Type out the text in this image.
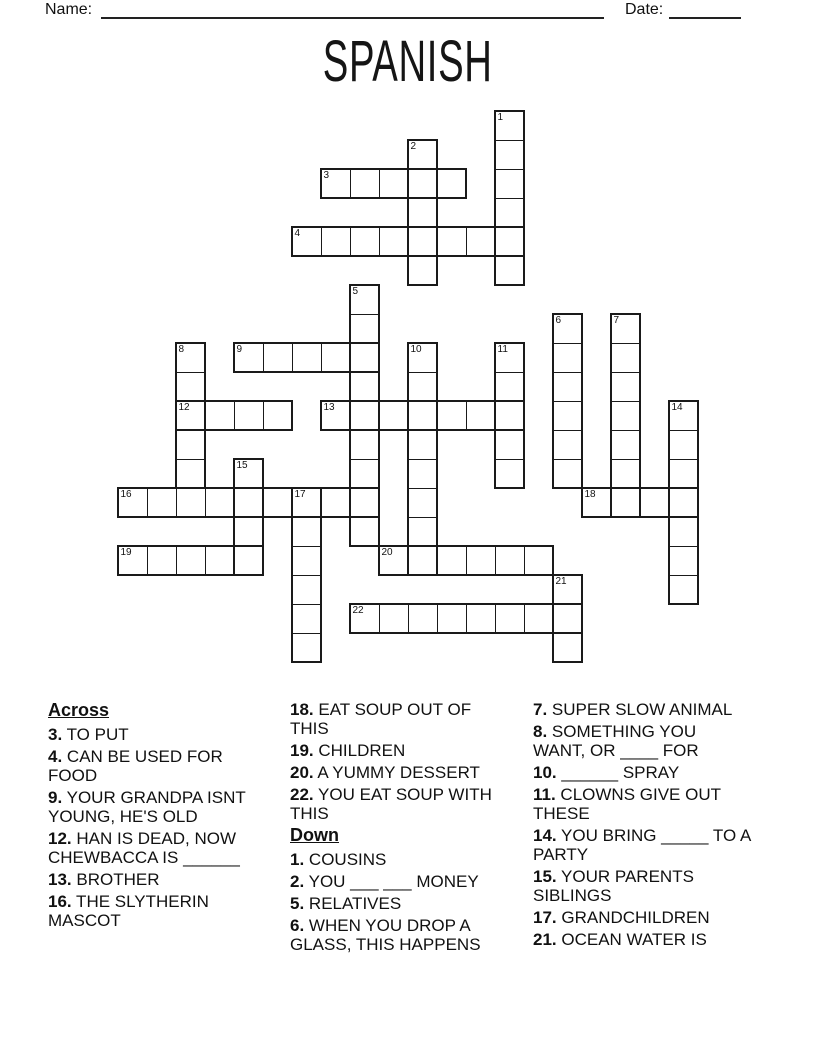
Name:	Date:
SPANISH
1
2
3
4
5
6	7
8	9	10	11
12	13	14
15
16	17	18
19	20
21
22
Across
3. TO PUT
4. CAN BE USED FOR FOOD
9. YOUR GRANDPA ISNT YOUNG, HE'S OLD
12. HAN IS DEAD, NOW CHEWBACCA IS ______
13. BROTHER
16. THE SLYTHERIN MASCOT
18. EAT SOUP OUT OF THIS
19. CHILDREN
20. A YUMMY DESSERT
22. YOU EAT SOUP WITH THIS
Down
1. COUSINS
2. YOU ___ ___ MONEY
5. RELATIVES
6. WHEN YOU DROP A GLASS, THIS HAPPENS
7. SUPER SLOW ANIMAL
8. SOMETHING YOU WANT, OR ____ FOR
10. ______ SPRAY
11. CLOWNS GIVE OUT THESE
14. YOU BRING _____ TO A PARTY
15. YOUR PARENTS SIBLINGS
17. GRANDCHILDREN
21. OCEAN WATER IS
